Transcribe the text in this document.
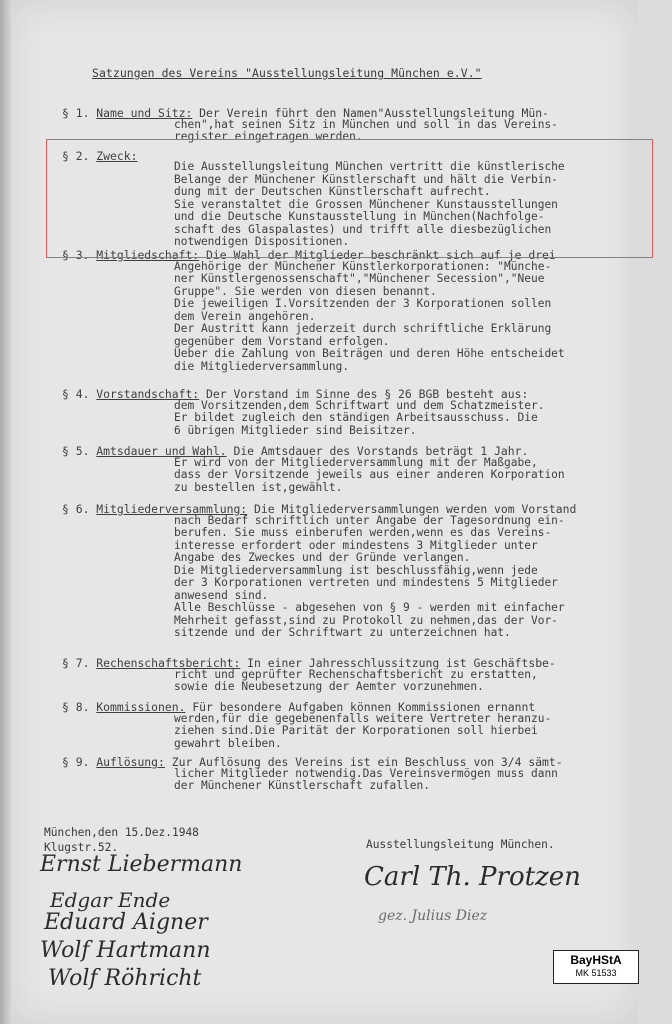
Satzungen des Vereins "Ausstellungsleitung München e.V."
§ 1. Name und Sitz: Der Verein führt den Namen"Ausstellungsleitung Mün-
chen",hat seinen Sitz in München und soll in das Vereins-
register eingetragen werden.
§ 2. Zweck:
Die Ausstellungsleitung München vertritt die künstlerische
Belange der Münchener Künstlerschaft und hält die Verbin-
dung mit der Deutschen Künstlerschaft aufrecht.
Sie veranstaltet die Grossen Münchener Kunstausstellungen
und die Deutsche Kunstausstellung in München(Nachfolge-
schaft des Glaspalastes) und trifft alle diesbezüglichen
notwendigen Dispositionen.
§ 3. Mitgliedschaft: Die Wahl der Mitglieder beschränkt sich auf je drei
Angehörige der Münchener Künstlerkorporationen: "Münche-
ner Künstlergenossenschaft","Münchener Secession","Neue
Gruppe". Sie werden von diesen benannt.
Die jeweiligen I.Vorsitzenden der 3 Korporationen sollen
dem Verein angehören.
Der Austritt kann jederzeit durch schriftliche Erklärung
gegenüber dem Vorstand erfolgen.
Ueber die Zahlung von Beiträgen und deren Höhe entscheidet
die Mitgliederversammlung.
§ 4. Vorstandschaft: Der Vorstand im Sinne des § 26 BGB besteht aus:
dem Vorsitzenden,dem Schriftwart und dem Schatzmeister.
Er bildet zugleich den ständigen Arbeitsausschuss. Die
6 übrigen Mitglieder sind Beisitzer.
§ 5. Amtsdauer und Wahl. Die Amtsdauer des Vorstands beträgt 1 Jahr.
Er wird von der Mitgliederversammlung mit der Maßgabe,
dass der Vorsitzende jeweils aus einer anderen Korporation
zu bestellen ist,gewählt.
§ 6. Mitgliederversammlung: Die Mitgliederversammlungen werden vom Vorstand
nach Bedarf schriftlich unter Angabe der Tagesordnung ein-
berufen. Sie muss einberufen werden,wenn es das Vereins-
interesse erfordert oder mindestens 3 Mitglieder unter
Angabe des Zweckes und der Gründe verlangen.
Die Mitgliederversammlung ist beschlussfähig,wenn jede
der 3 Korporationen vertreten und mindestens 5 Mitglieder
anwesend sind.
Alle Beschlüsse - abgesehen von § 9 - werden mit einfacher
Mehrheit gefasst,sind zu Protokoll zu nehmen,das der Vor-
sitzende und der Schriftwart zu unterzeichnen hat.
§ 7. Rechenschaftsbericht: In einer Jahresschlussitzung ist Geschäftsbe-
richt und geprüfter Rechenschaftsbericht zu erstatten,
sowie die Neubesetzung der Aemter vorzunehmen.
§ 8. Kommissionen. Für besondere Aufgaben können Kommissionen ernannt
werden,für die gegebenenfalls weitere Vertreter heranzu-
ziehen sind.Die Parität der Korporationen soll hierbei
gewahrt bleiben.
§ 9. Auflösung: Zur Auflösung des Vereins ist ein Beschluss von 3/4 sämt-
licher Mitglieder notwendig.Das Vereinsvermögen muss dann
der Münchener Künstlerschaft zufallen.
München,den 15.Dez.1948
Klugstr.52.	Ausstellungsleitung München.
Ernst Liebermann
Edgar Ende
Eduard Aigner
Wolf Hartmann
Wolf Röhricht
Carl Th. Protzen
gez. Julius Diez
BayHStA
MK 51533
